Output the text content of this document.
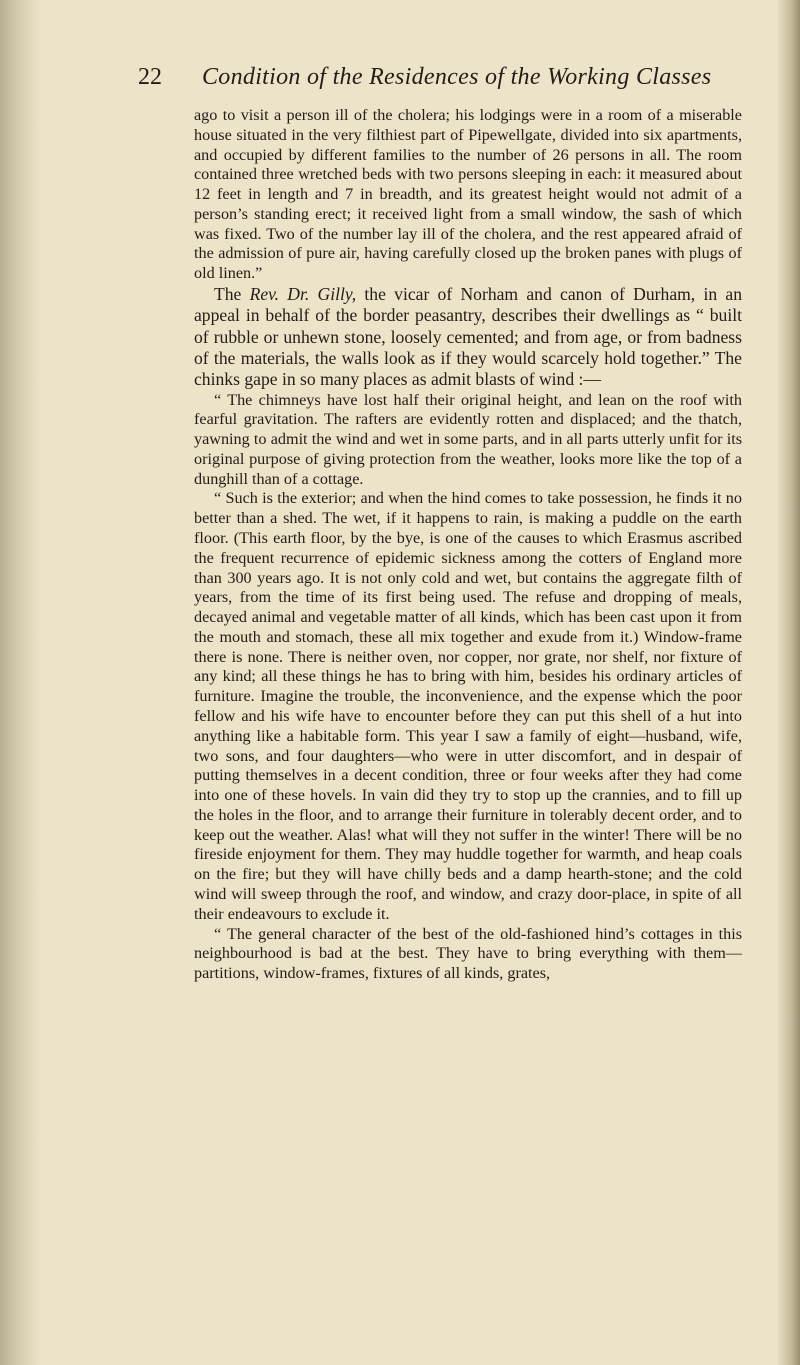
22 Condition of the Residences of the Working Classes

ago to visit a person ill of the cholera; his lodgings were in a room of a miserable house situated in the very filthiest part of Pipewellgate, divided into six apartments, and occupied by different families to the number of 26 persons in all. The room contained three wretched beds with two persons sleeping in each: it measured about 12 feet in length and 7 in breadth, and its greatest height would not admit of a person’s standing erect; it received light from a small window, the sash of which was fixed. Two of the number lay ill of the cholera, and the rest appeared afraid of the admission of pure air, having carefully closed up the broken panes with plugs of old linen.”

The Rev. Dr. Gilly, the vicar of Norham and canon of Durham, in an appeal in behalf of the border peasantry, describes their dwellings as “ built of rubble or unhewn stone, loosely cemented; and from age, or from badness of the materials, the walls look as if they would scarcely hold together.” The chinks gape in so many places as admit blasts of wind :—

“ The chimneys have lost half their original height, and lean on the roof with fearful gravitation. The rafters are evidently rotten and displaced; and the thatch, yawning to admit the wind and wet in some parts, and in all parts utterly unfit for its original purpose of giving protection from the weather, looks more like the top of a dunghill than of a cottage.

“ Such is the exterior; and when the hind comes to take possession, he finds it no better than a shed. The wet, if it happens to rain, is making a puddle on the earth floor. (This earth floor, by the bye, is one of the causes to which Erasmus ascribed the frequent recurrence of epidemic sickness among the cotters of England more than 300 years ago. It is not only cold and wet, but contains the aggregate filth of years, from the time of its first being used. The refuse and dropping of meals, decayed animal and vegetable matter of all kinds, which has been cast upon it from the mouth and stomach, these all mix together and exude from it.) Window-frame there is none. There is neither oven, nor copper, nor grate, nor shelf, nor fixture of any kind; all these things he has to bring with him, besides his ordinary articles of furniture. Imagine the trouble, the inconvenience, and the expense which the poor fellow and his wife have to encounter before they can put this shell of a hut into anything like a habitable form. This year I saw a family of eight—husband, wife, two sons, and four daughters—who were in utter discomfort, and in despair of putting themselves in a decent condition, three or four weeks after they had come into one of these hovels. In vain did they try to stop up the crannies, and to fill up the holes in the floor, and to arrange their furniture in tolerably decent order, and to keep out the weather. Alas! what will they not suffer in the winter! There will be no fireside enjoyment for them. They may huddle together for warmth, and heap coals on the fire; but they will have chilly beds and a damp hearth-stone; and the cold wind will sweep through the roof, and window, and crazy door-place, in spite of all their endeavours to exclude it.

“ The general character of the best of the old-fashioned hind’s cottages in this neighbourhood is bad at the best. They have to bring everything with them—partitions, window-frames, fixtures of all kinds, grates,
